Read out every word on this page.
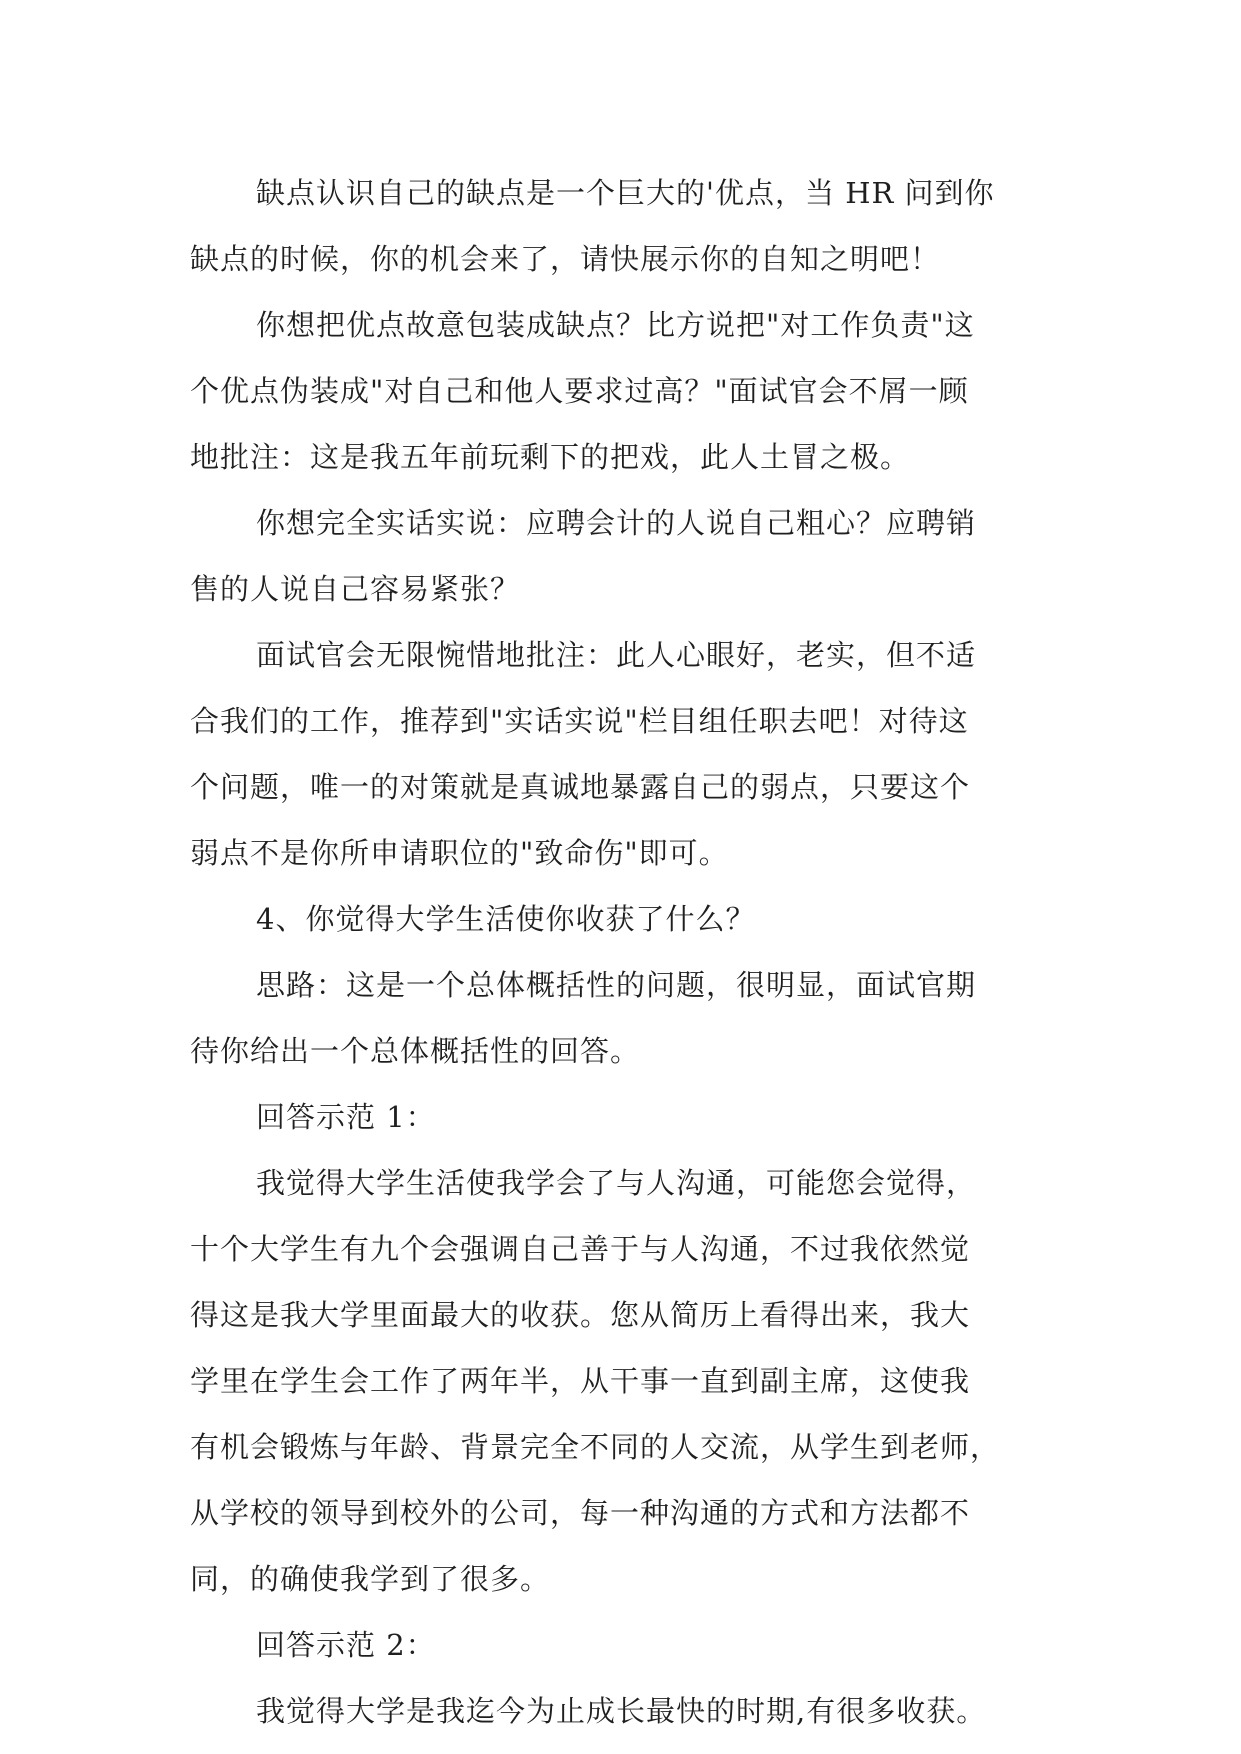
缺点认识自己的缺点是一个巨大的'优点，当 HR 问到你
缺点的时候，你的机会来了，请快展示你的自知之明吧！
你想把优点故意包装成缺点？比方说把"对工作负责"这
个优点伪装成"对自己和他人要求过高？"面试官会不屑一顾
地批注：这是我五年前玩剩下的把戏，此人土冒之极。
你想完全实话实说：应聘会计的人说自己粗心？应聘销
售的人说自己容易紧张？
面试官会无限惋惜地批注：此人心眼好，老实，但不适
合我们的工作，推荐到"实话实说"栏目组任职去吧！对待这
个问题，唯一的对策就是真诚地暴露自己的弱点，只要这个
弱点不是你所申请职位的"致命伤"即可。
4、你觉得大学生活使你收获了什么？
思路：这是一个总体概括性的问题，很明显，面试官期
待你给出一个总体概括性的回答。
回答示范 1：
我觉得大学生活使我学会了与人沟通，可能您会觉得，
十个大学生有九个会强调自己善于与人沟通，不过我依然觉
得这是我大学里面最大的收获。您从简历上看得出来，我大
学里在学生会工作了两年半，从干事一直到副主席，这使我
有机会锻炼与年龄、背景完全不同的人交流，从学生到老师，
从学校的领导到校外的公司，每一种沟通的方式和方法都不
同，的确使我学到了很多。
回答示范 2：
我觉得大学是我迄今为止成长最快的时期,有很多收获。
